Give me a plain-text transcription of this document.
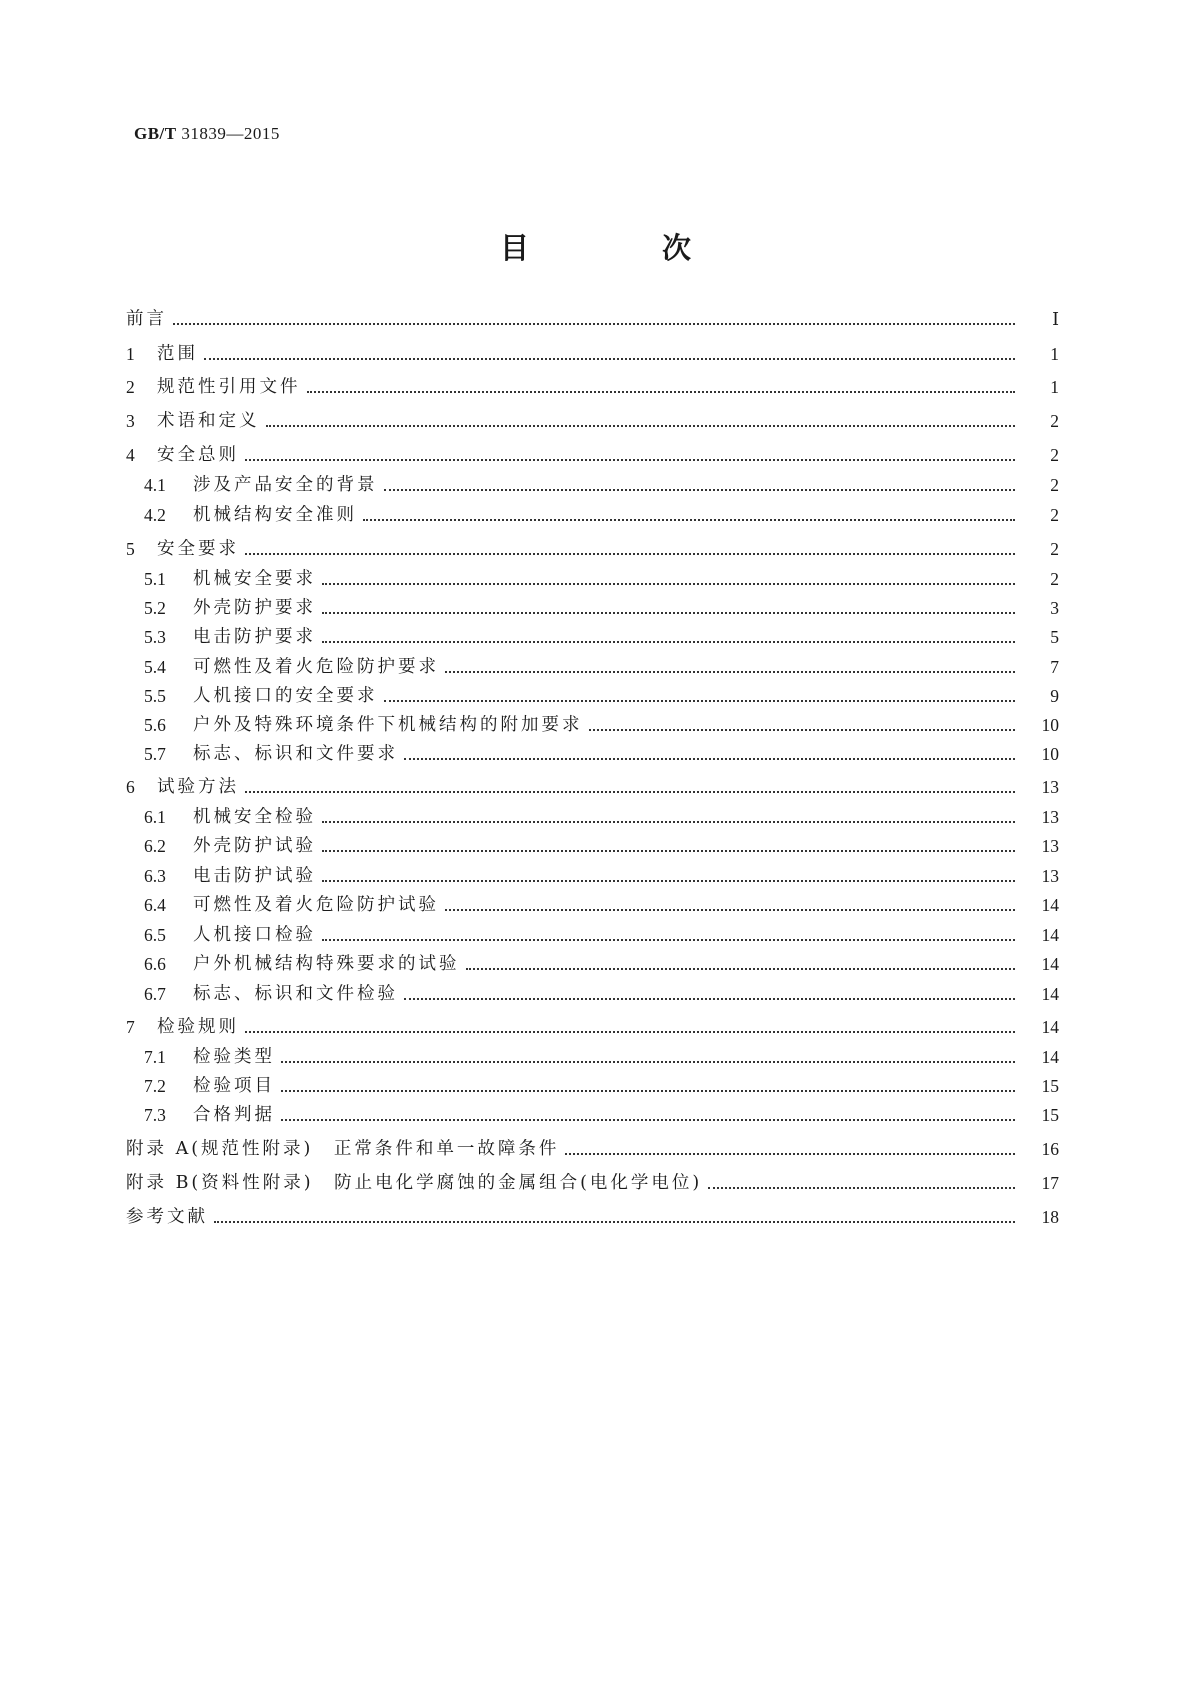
GB/T 31839—2015
目　次
前言	Ⅰ
1	范围	1
2	规范性引用文件	1
3	术语和定义	2
4	安全总则	2
4.1	涉及产品安全的背景	2
4.2	机械结构安全准则	2
5	安全要求	2
5.1	机械安全要求	2
5.2	外壳防护要求	3
5.3	电击防护要求	5
5.4	可燃性及着火危险防护要求	7
5.5	人机接口的安全要求	9
5.6	户外及特殊环境条件下机械结构的附加要求	10
5.7	标志、标识和文件要求	10
6	试验方法	13
6.1	机械安全检验	13
6.2	外壳防护试验	13
6.3	电击防护试验	13
6.4	可燃性及着火危险防护试验	14
6.5	人机接口检验	14
6.6	户外机械结构特殊要求的试验	14
6.7	标志、标识和文件检验	14
7	检验规则	14
7.1	检验类型	14
7.2	检验项目	15
7.3	合格判据	15
附录 A(规范性附录)　正常条件和单一故障条件	16
附录 B(资料性附录)　防止电化学腐蚀的金属组合(电化学电位)	17
参考文献	18
